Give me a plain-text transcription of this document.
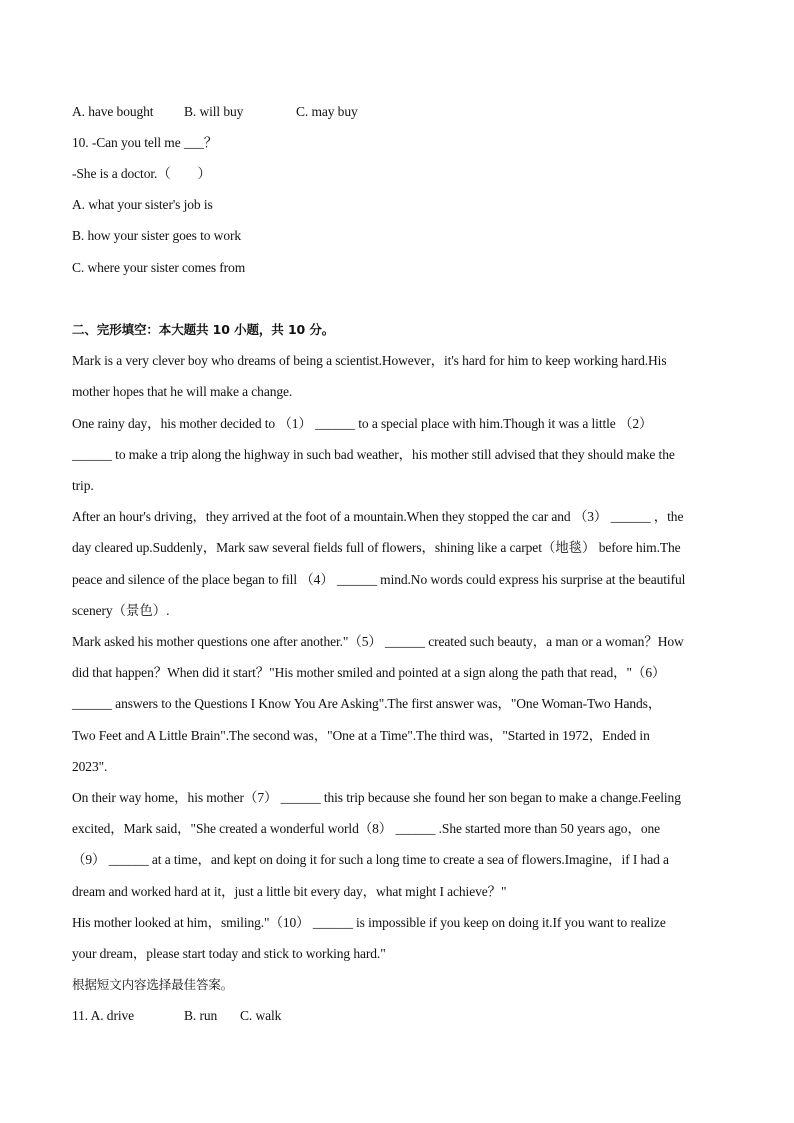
A. have bought B. will buy	C. may buy
10. -Can you tell me ___？
-She is a doctor.（　　）
A. what your sister's job is
B. how your sister goes to work
C. where your sister comes from
二、完形填空：本大题共 10 小题，共 10 分。
Mark is a very clever boy who dreams of being a scientist.However，it's hard for him to keep working hard.His
mother hopes that he will make a change.
One rainy day，his mother decided to （1） ______ to a special place with him.Though it was a little （2）
______ to make a trip along the highway in such bad weather，his mother still advised that they should make the
trip.
After an hour's driving，they arrived at the foot of a mountain.When they stopped the car and （3） ______ ，the
day cleared up.Suddenly，Mark saw several fields full of flowers，shining like a carpet（地毯） before him.The
peace and silence of the place began to fill （4） ______ mind.No words could express his surprise at the beautiful
scenery（景色）.
Mark asked his mother questions one after another."（5） ______ created such beauty，a man or a woman？How
did that happen？When did it start？"His mother smiled and pointed at a sign along the path that read，"（6）
______ answers to the Questions I Know You Are Asking".The first answer was，"One Woman-Two Hands，
Two Feet and A Little Brain".The second was，"One at a Time".The third was，"Started in 1972，Ended in
2023".
On their way home，his mother（7） ______ this trip because she found her son began to make a change.Feeling
excited，Mark said，"She created a wonderful world（8） ______ .She started more than 50 years ago，one
（9） ______ at a time，and kept on doing it for such a long time to create a sea of flowers.Imagine，if I had a
dream and worked hard at it，just a little bit every day，what might I achieve？"
His mother looked at him，smiling."（10） ______ is impossible if you keep on doing it.If you want to realize
your dream，please start today and stick to working hard."
根据短文内容选择最佳答案。
11. A. drive	B. run C. walk
